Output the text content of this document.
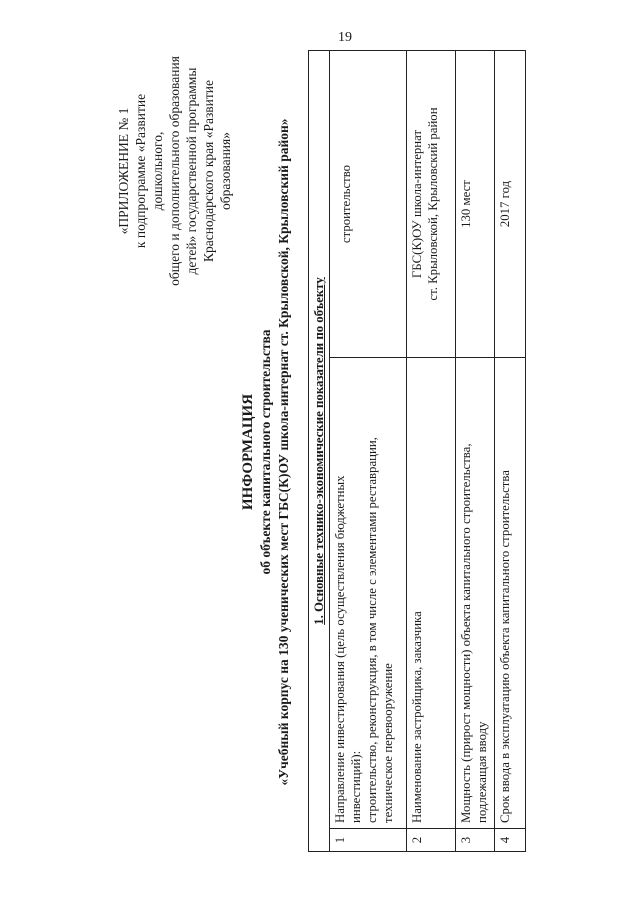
19
«ПРИЛОЖЕНИЕ № 1 к подпрограмме «Развитие дошкольного, общего и дополнительного образования детей» государственной программы Краснодарского края «Развитие образования»
ИНФОРМАЦИЯ об объекте капитального строительства «Учебный корпус на 130 ученических мест ГБС(К)ОУ школа-интернат ст. Крыловской, Крыловский район» 1. Основные технико-экономические показатели по объекту		
1	Направление инвестирования (цель осуществления бюджетных инвестиций): строительство, реконструкция, в том числе с элементами реставрации, техническое перевооружение	строительство

2	Наименование застройщика, заказчика	ГБС(К)ОУ школа-интернат ст. Крыловской, Крыловский район

3	Мощность (прирост мощности) объекта капитального строительства, подлежащая вводу	130 мест

4	Срок ввода в эксплуатацию объекта капитального строительства	2017 год
